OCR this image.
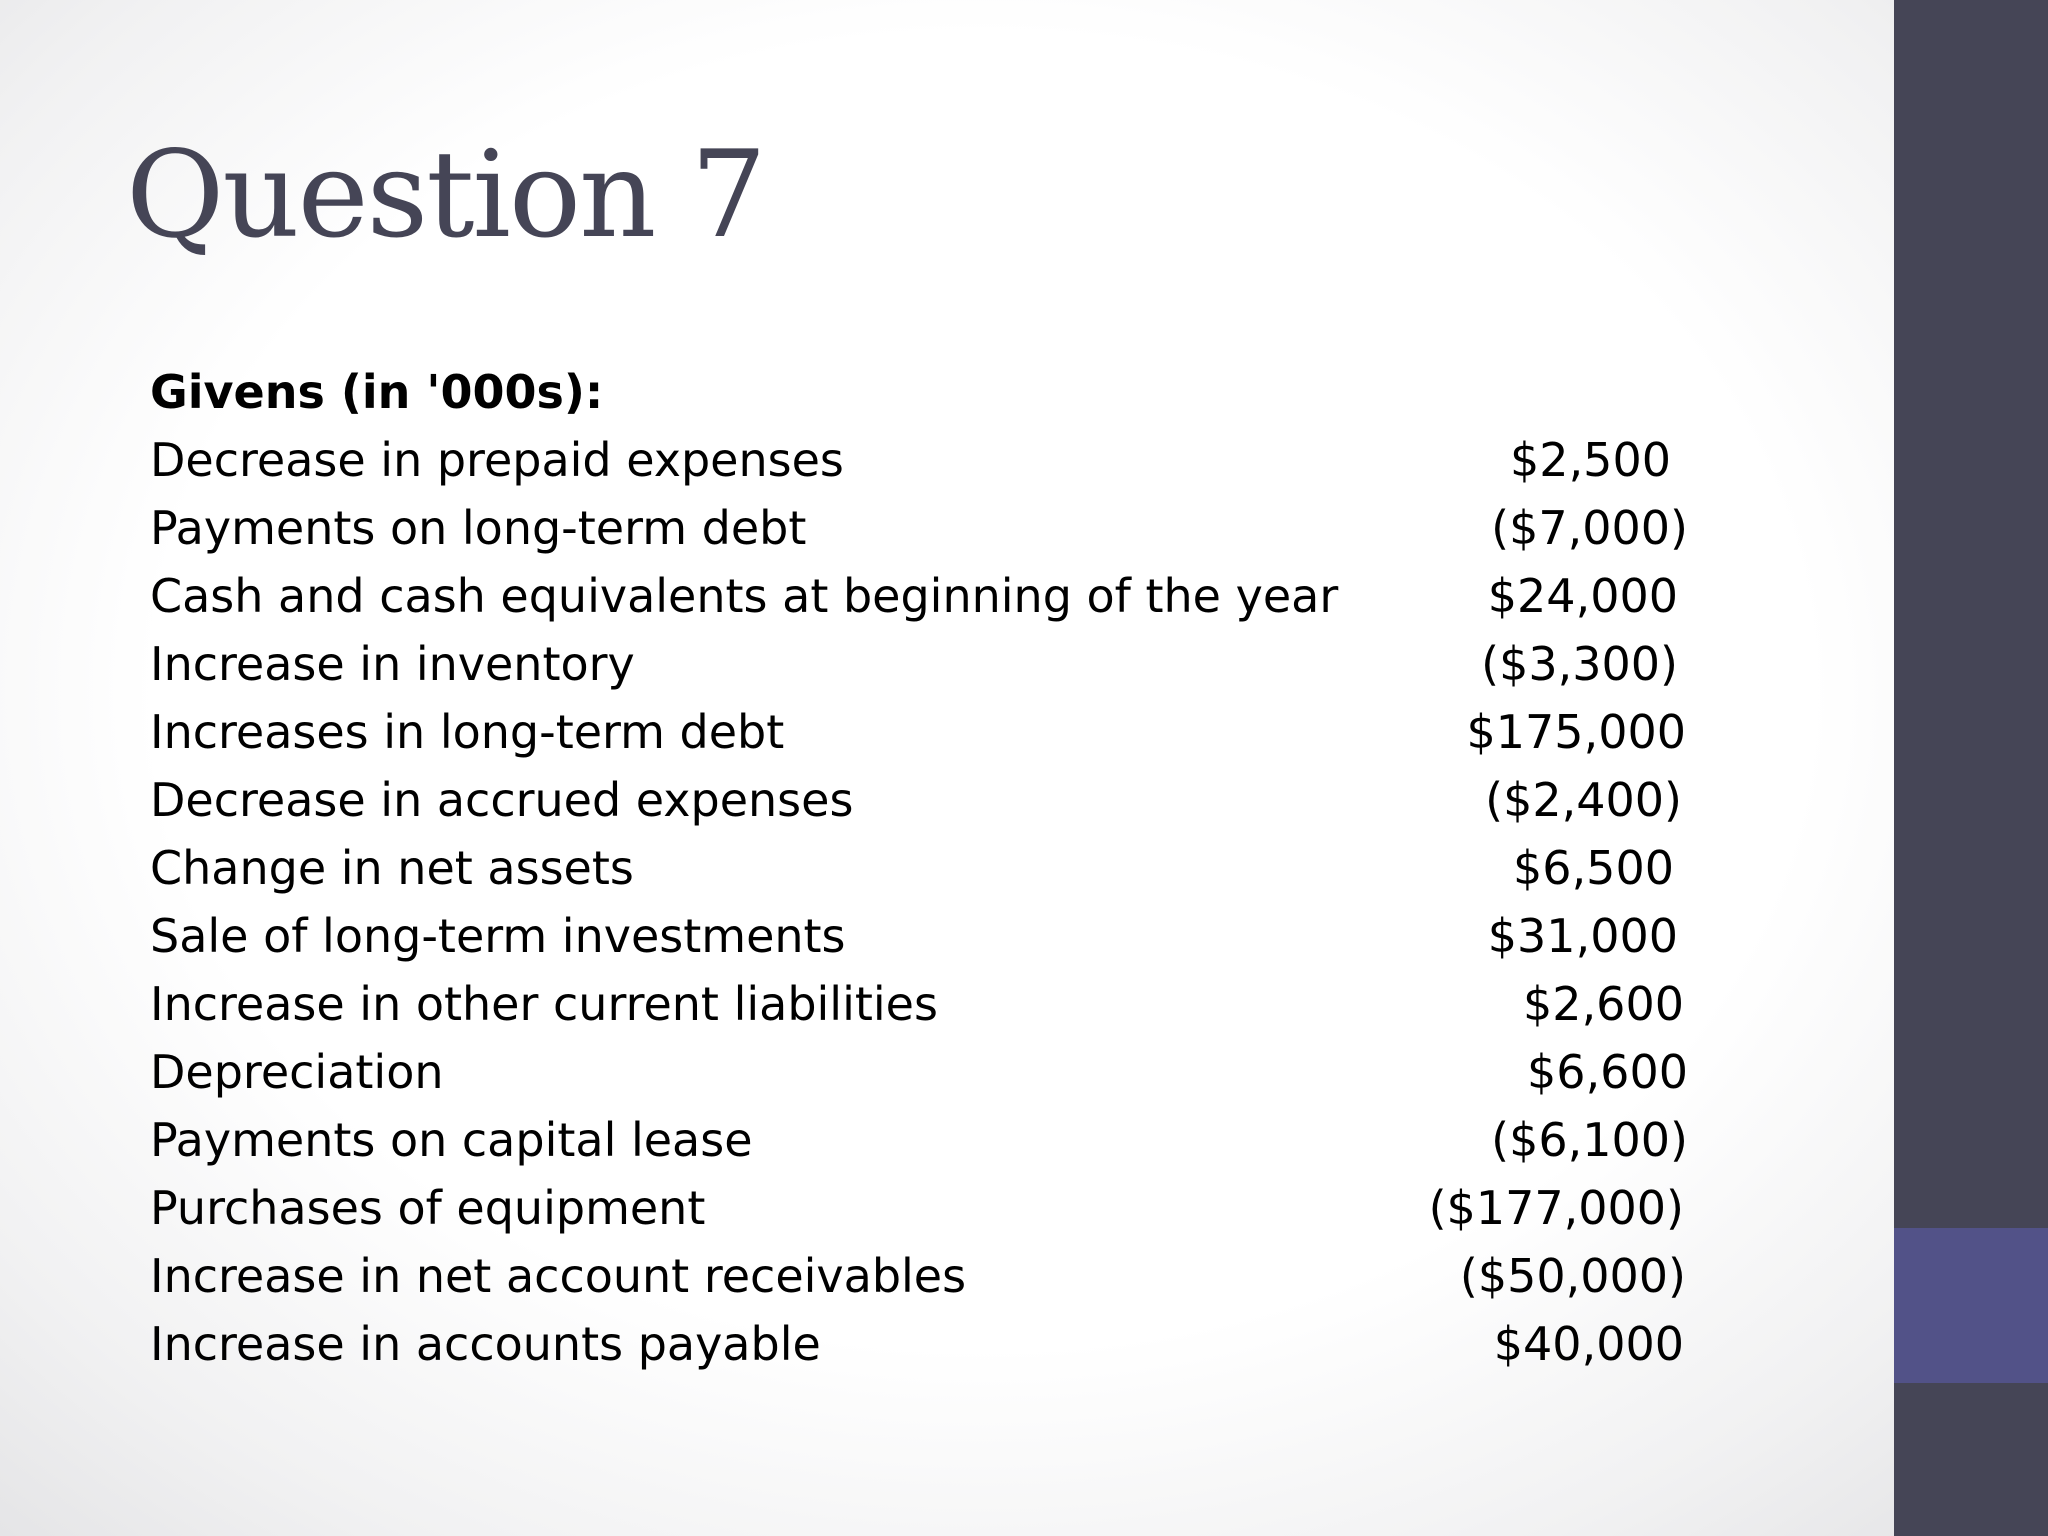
Question 7
Givens (in '000s):
Decrease in prepaid expenses	$2,500
Payments on long-term debt	($7,000)
Cash and cash equivalents at beginning of the year	$24,000
Increase in inventory	($3,300)
Increases in long-term debt	$175,000
Decrease in accrued expenses	($2,400)
Change in net assets	$6,500
Sale of long-term investments	$31,000
Increase in other current liabilities	$2,600
Depreciation	$6,600
Payments on capital lease	($6,100)
Purchases of equipment	($177,000)
Increase in net account receivables	($50,000)
Increase in accounts payable	$40,000
